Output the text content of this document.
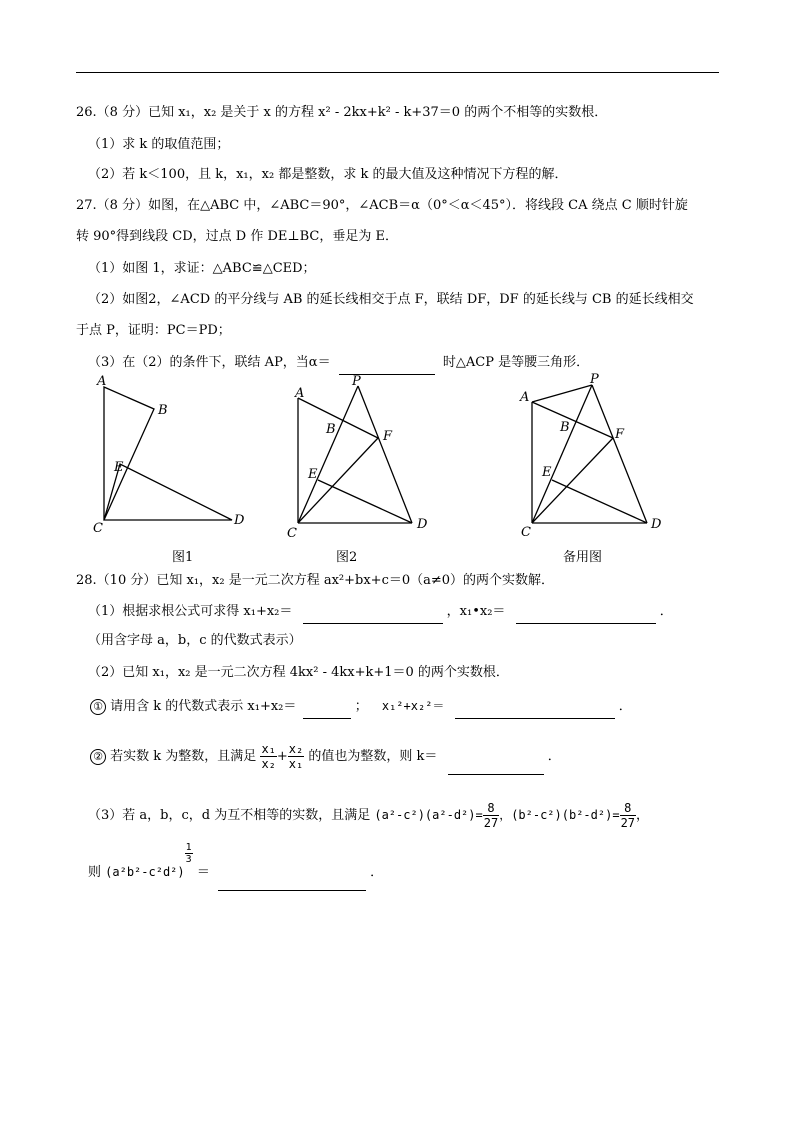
26.（8 分）已知 x₁，x₂ 是关于 x 的方程 x² - 2kx+k² - k+37＝0 的两个不相等的实数根．
（1）求 k 的取值范围；
（2）若 k＜100，且 k，x₁，x₂ 都是整数，求 k 的最大值及这种情况下方程的解．
27.（8 分）如图，在△ABC 中，∠ABC＝90°，∠ACB＝α（0°＜α＜45°）．将线段 CA 绕点 C 顺时针旋
转 90°得到线段 CD，过点 D 作 DE⊥BC，垂足为 E．
（1）如图 1，求证：△ABC≌△CED；
（2）如图2，∠ACD 的平分线与 AB 的延长线相交于点 F，联结 DF，DF 的延长线与 CB 的延长线相交
于点 P，证明：PC＝PD；
（3）在（2）的条件下，联结 AP，当α＝	时△ACP 是等腰三角形．
A
B
E
C
D
A
P
B	F
E
C
D
A
P
B	F
E
C
D
图1	图2	备用图
28.（10 分）已知 x₁，x₂ 是一元二次方程 ax²+bx+c＝0（a≠0）的两个实数解．
（1）根据求根公式可求得 x₁+x₂＝	，x₁•x₂＝	．
（用含字母 a，b，c 的代数式表示）
（2）已知 x₁，x₂ 是一元二次方程 4kx² - 4kx+k+1＝0 的两个实数根．
① 请用含 k 的代数式表示 x₁+x₂＝	； x₁²+x₂²＝	．
② 若实数 k 为整数，且满足 $\frac{\text{x₁}}{\text{x₂}} + \frac{\text{x₂}}{\text{x₁}}$ 的值也为整数，则 k＝	．
（3）若 a，b，c，d 为互不相等的实数，且满足 $(a^2-c^2)(a^2-d^2)= \frac{8}{27}$ ，$(b^2-c^2)(b^2-d^2)= \frac{8}{27}$ ，
则 (a²b²-c²d²)
$\frac{1}{3}$
＝	．
